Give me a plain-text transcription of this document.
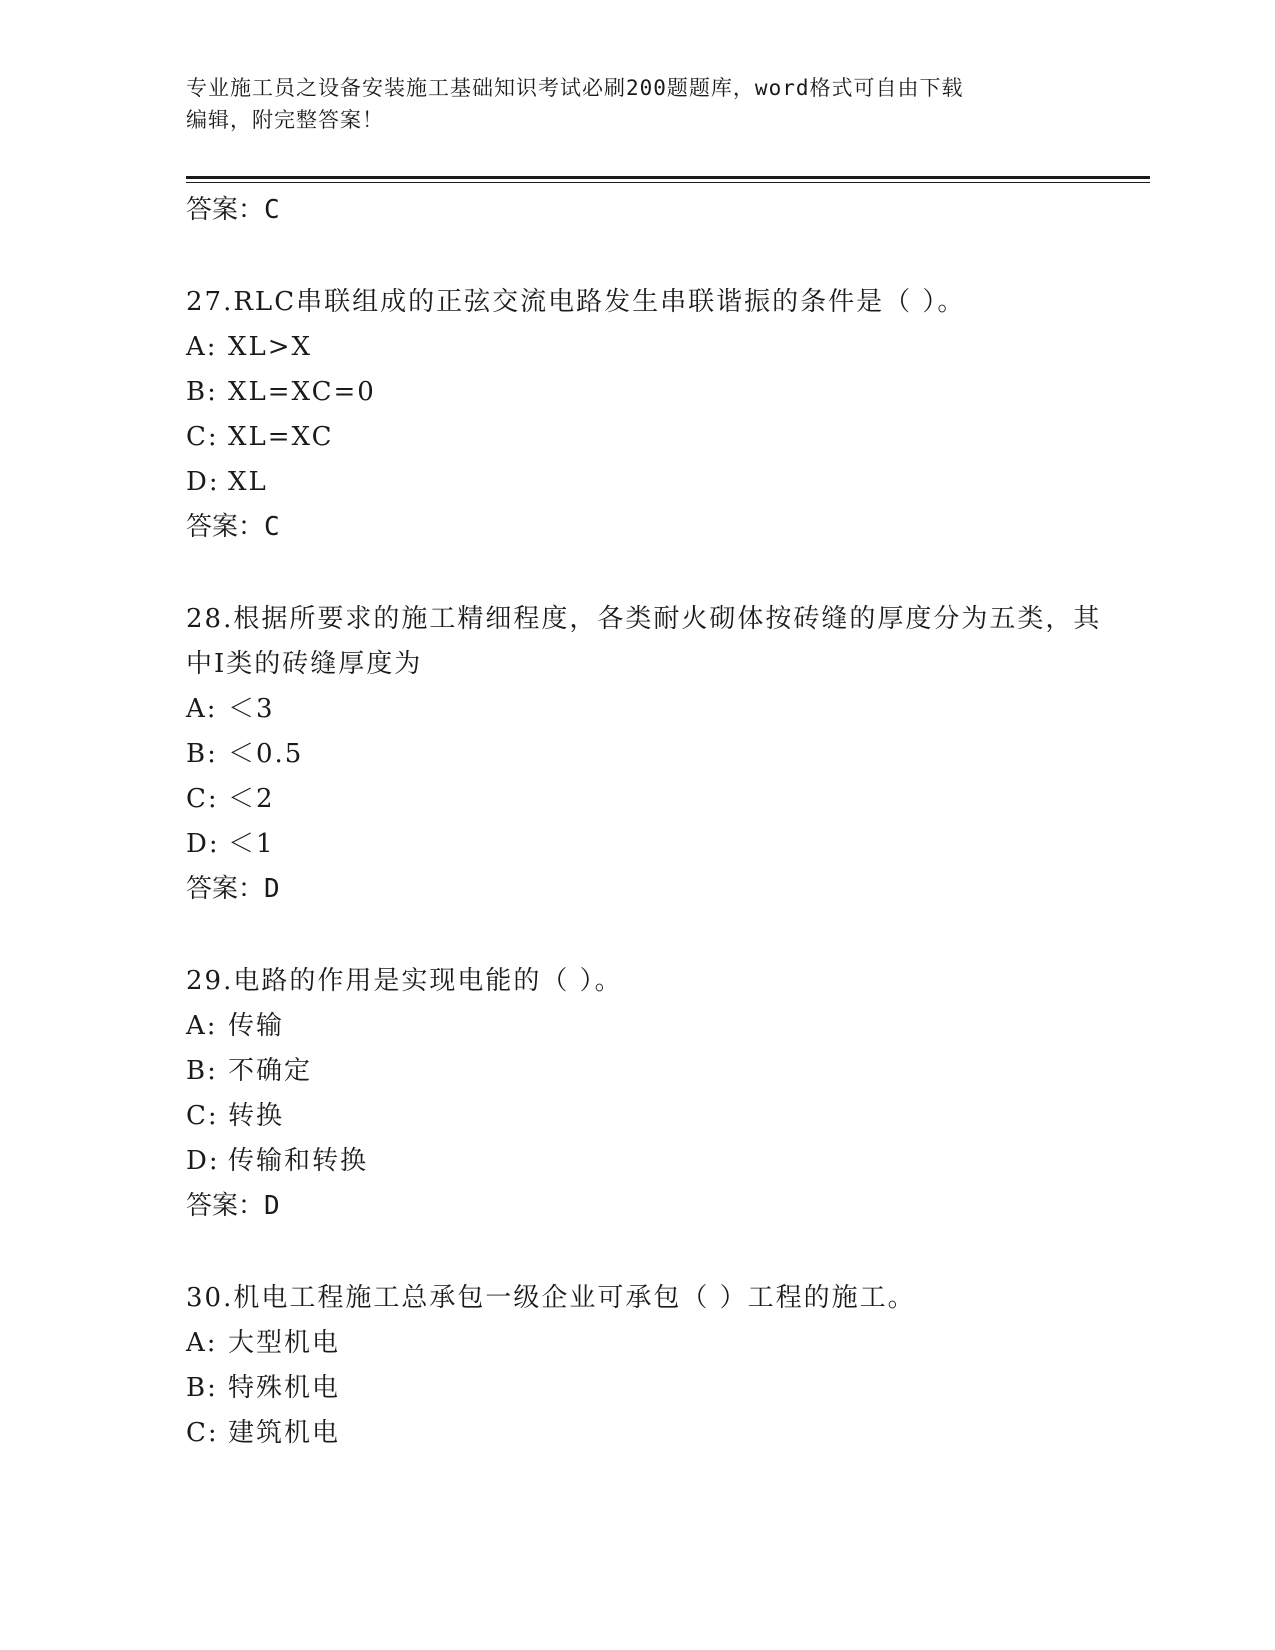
专业施工员之设备安装施工基础知识考试必刷200题题库，word格式可自由下载
编辑，附完整答案！
答案：C
27.RLC串联组成的正弦交流电路发生串联谐振的条件是（ ）。
A: XL>X
B: XL=XC=0
C: XL=XC
D: XL
答案：C
28.根据所要求的施工精细程度，各类耐火砌体按砖缝的厚度分为五类，其中Ⅰ类的砖缝厚度为
A: ＜3
B: ＜0.5
C: ＜2
D: ＜1
答案：D
29.电路的作用是实现电能的（ ）。
A: 传输
B: 不确定
C: 转换
D: 传输和转换
答案：D
30.机电工程施工总承包一级企业可承包（ ）工程的施工。
A: 大型机电
B: 特殊机电
C: 建筑机电
